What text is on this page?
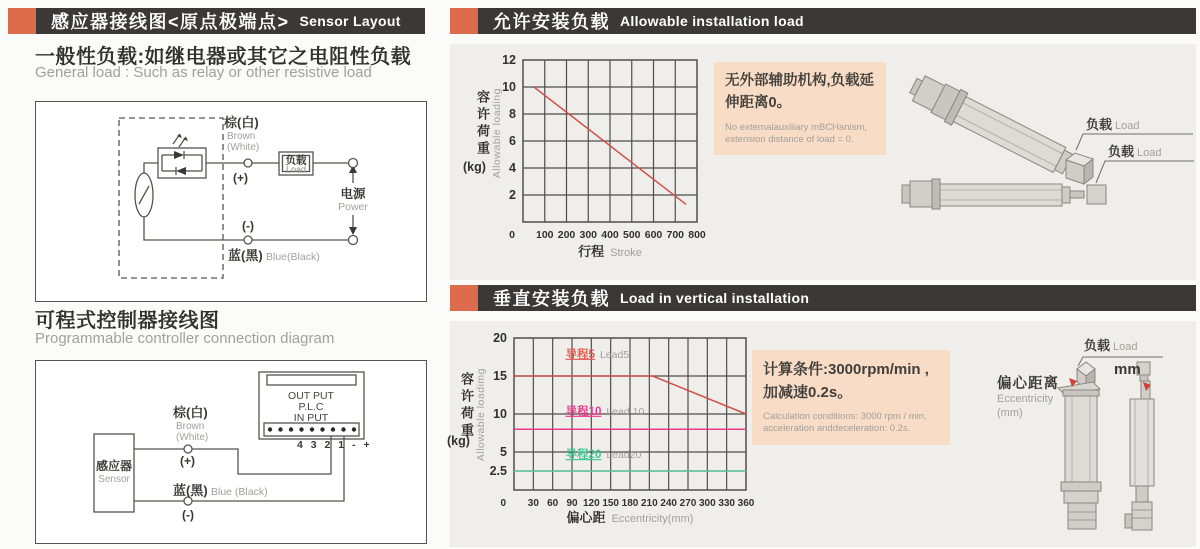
感应器接线图<原点极端点> Sensor Layout
一般性负载:如继电器或其它之电阻性负载
General load : Such as relay or other resistive load
棕(白)
Brown
(White)
(+)
负载
Load
电源
Power
(-)
蓝(黑) Blue(Black)
可程式控制器接线图
Programmable controller connection diagram
感应器
Sensor
OUT PUT
P.L.C
IN PUT
4 3 2 1 - +
棕(白)
Brown
(White)
(+)
蓝(黑) Blue (Black)
(-)
允许安装负载 Allowable installation load
容许荷重
(kg) Allowable loading
0 100 200 300 400 500 600 700 800
2
4
6
8
10
12
行程 Stroke
无外部辅助机构,负载延伸距离0。
No externalauxiliary mBCHanism, extension distance of load = 0.
负载 Load
负载 Load
垂直安装负载 Load in vertical installation
容许荷重
(kg) Allowable loadimg
0 30 60 90 120 150 180 210 240 270 300 330 360
2.5
5
10
15
20
导程5 Lead5
导程10 Lead 10
导程20 Lead20
偏心距 Eccentricity(mm)
计算条件:3000rpm/min , 加减速0.2s。
Calculation conditions: 3000 rpm / min, acceleration anddeceleration: 0.2s.
负载 Load
mm
偏心距离
Eccentricity
(mm)
